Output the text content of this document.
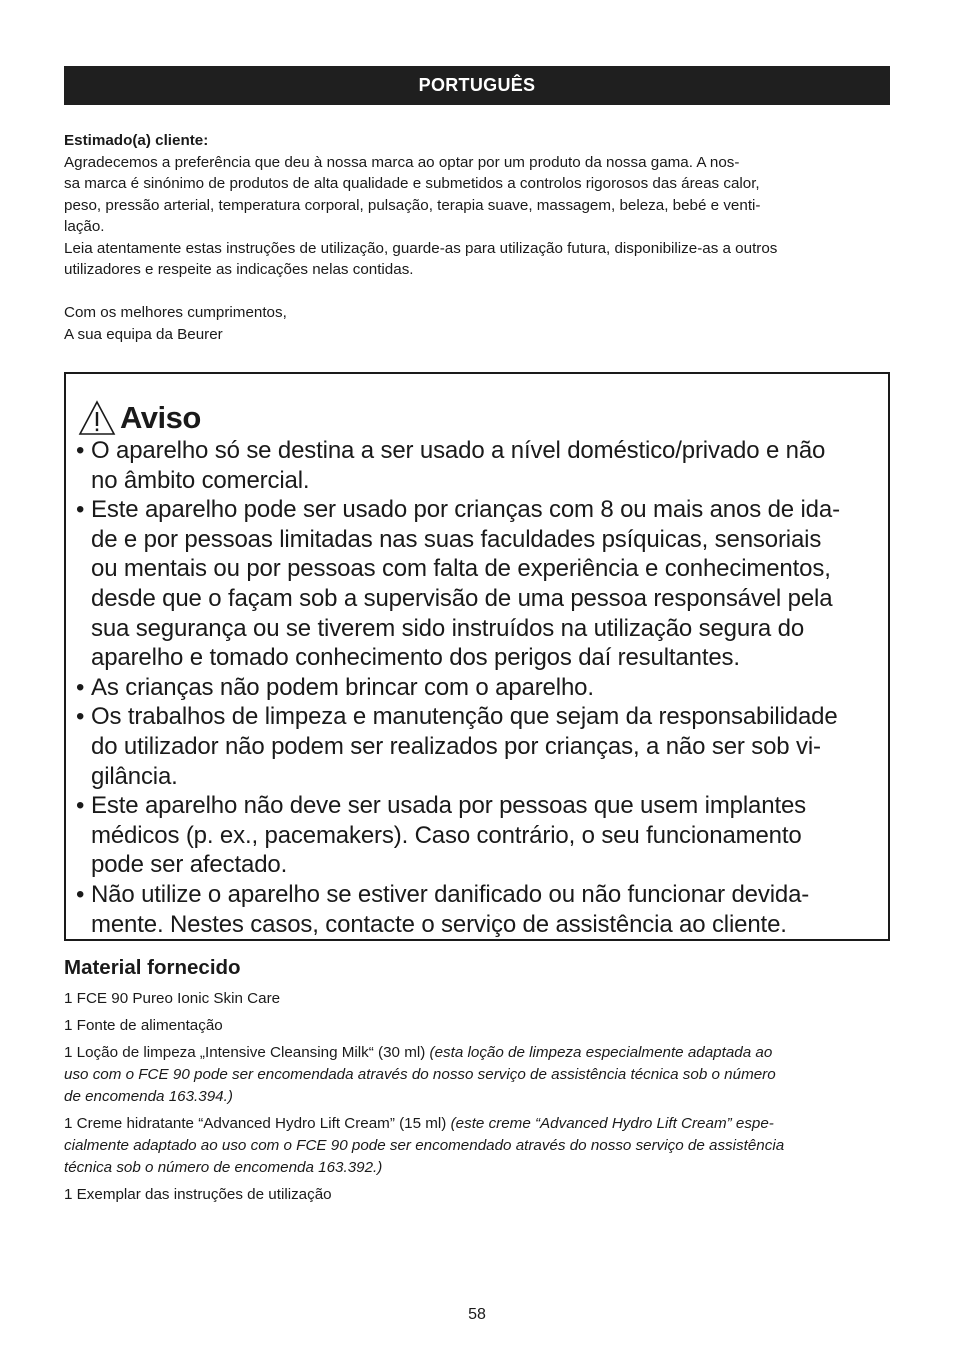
PORTUGUÊS

Estimado(a) cliente:

Agradecemos a preferência que deu à nossa marca ao optar por um produto da nossa gama. A nos-

sa marca é sinónimo de produtos de alta qualidade e submetidos a controlos rigorosos das áreas calor,

peso, pressão arterial, temperatura corporal, pulsação, terapia suave, massagem, beleza, bebé e venti-

lação.

Leia atentamente estas instruções de utilização, guarde-as para utilização futura, disponibilize-as a outros

utilizadores e respeite as indicações nelas contidas.

Com os melhores cumprimentos,

A sua equipa da Beurer

Aviso
• O aparelho só se destina a ser usado a nível doméstico/privado e não
no âmbito comercial.
• Este aparelho pode ser usado por crianças com 8 ou mais anos de ida-
de e por pessoas limitadas nas suas faculdades psíquicas, sensoriais
ou mentais ou por pessoas com falta de experiência e conhecimentos,
desde que o façam sob a supervisão de uma pessoa responsável pela
sua segurança ou se tiverem sido instruídos na utilização segura do
aparelho e tomado conhecimento dos perigos daí resultantes.
• As crianças não podem brincar com o aparelho.
• Os trabalhos de limpeza e manutenção que sejam da responsabilidade
do utilizador não podem ser realizados por crianças, a não ser sob vi-
gilância.
• Este aparelho não deve ser usada por pessoas que usem implantes
médicos (p. ex., pacemakers). Caso contrário, o seu funcionamento
pode ser afectado.
• Não utilize o aparelho se estiver danificado ou não funcionar devida-
mente. Nestes casos, contacte o serviço de assistência ao cliente.
Material fornecido

1 FCE 90 Pureo Ionic Skin Care

1 Fonte de alimentação

1 Loção de limpeza „Intensive Cleansing Milk“ (30 ml) (esta loção de limpeza especialmente adaptada ao
uso com o FCE 90 pode ser encomendada através do nosso serviço de assistência técnica sob o número
de encomenda 163.394.)

1 Creme hidratante “Advanced Hydro Lift Cream” (15 ml) (este creme “Advanced Hydro Lift Cream” espe-
cialmente adaptado ao uso com o FCE 90 pode ser encomendado através do nosso serviço de assistência
técnica sob o número de encomenda 163.392.)

1 Exemplar das instruções de utilização

58
